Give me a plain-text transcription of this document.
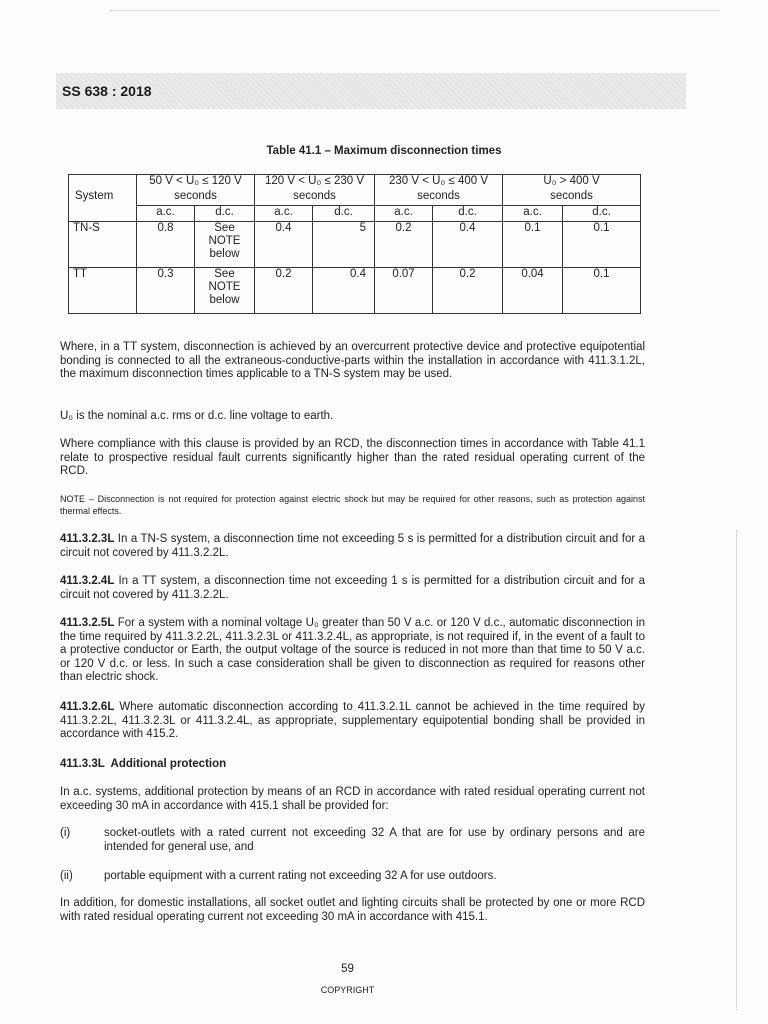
SS 638 : 2018
Table 41.1 – Maximum disconnection times
	50 V < U₀ ≤ 120 V		120 V < U₀ ≤ 230 V		230 V < U₀ ≤ 400 V		U₀ > 400 V	
System	seconds		seconds		seconds		seconds	
	a.c.	d.c.	a.c.	d.c.	a.c.	d.c.	a.c.	d.c.
TN-S	0.8	See
NOTE
below	0.4	5	0.2	0.4	0.1	0.1
TT	0.3	See
NOTE
below	0.2	0.4	0.07	0.2	0.04	0.1
Where, in a TT system, disconnection is achieved by an overcurrent protective device and protective equipotential bonding is connected to all the extraneous-conductive-parts within the installation in accordance with 411.3.1.2L, the maximum disconnection times applicable to a TN-S system may be used.
U₀ is the nominal a.c. rms or d.c. line voltage to earth.
Where compliance with this clause is provided by an RCD, the disconnection times in accordance with Table 41.1 relate to prospective residual fault currents significantly higher than the rated residual operating current of the RCD.
NOTE – Disconnection is not required for protection against electric shock but may be required for other reasons, such as protection against thermal effects.
411.3.2.3L In a TN-S system, a disconnection time not exceeding 5 s is permitted for a distribution circuit and for a circuit not covered by 411.3.2.2L.
411.3.2.4L In a TT system, a disconnection time not exceeding 1 s is permitted for a distribution circuit and for a circuit not covered by 411.3.2.2L.
411.3.2.5L For a system with a nominal voltage U₀ greater than 50 V a.c. or 120 V d.c., automatic disconnection in the time required by 411.3.2.2L, 411.3.2.3L or 411.3.2.4L, as appropriate, is not required if, in the event of a fault to a protective conductor or Earth, the output voltage of the source is reduced in not more than that time to 50 V a.c. or 120 V d.c. or less. In such a case consideration shall be given to disconnection as required for reasons other than electric shock.
411.3.2.6L Where automatic disconnection according to 411.3.2.1L cannot be achieved in the time required by 411.3.2.2L, 411.3.2.3L or 411.3.2.4L, as appropriate, supplementary equipotential bonding shall be provided in accordance with 415.2.
411.3.3L  Additional protection
In a.c. systems, additional protection by means of an RCD in accordance with rated residual operating current not exceeding 30 mA in accordance with 415.1 shall be provided for:
(i)	socket-outlets with a rated current not exceeding 32 A that are for use by ordinary persons and are intended for general use, and
(ii)	portable equipment with a current rating not exceeding 32 A for use outdoors.
In addition, for domestic installations, all socket outlet and lighting circuits shall be protected by one or more RCD with rated residual operating current not exceeding 30 mA in accordance with 415.1.
59
COPYRIGHT
